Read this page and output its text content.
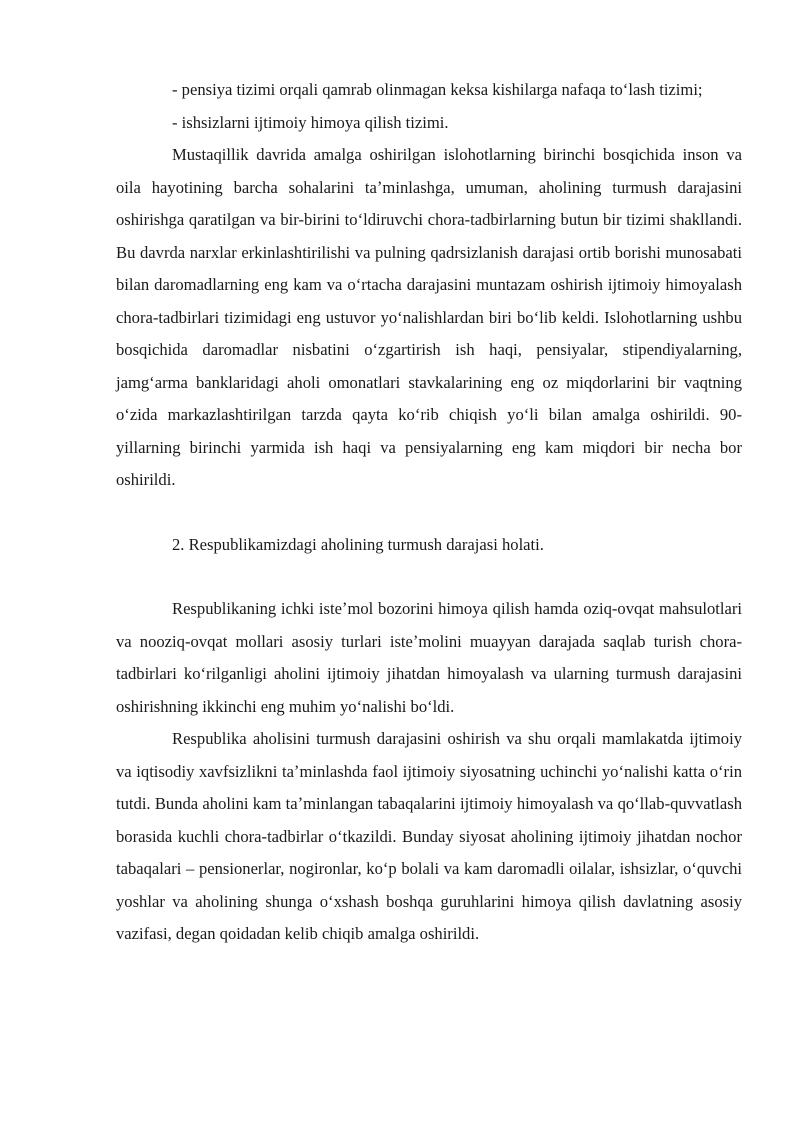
- pensiya tizimi orqali qamrab olinmagan keksa kishilarga nafaqa toʻlash tizimi;

- ishsizlarni ijtimoiy himoya qilish tizimi.

Mustaqillik davrida amalga oshirilgan islohotlarning birinchi bosqichida inson va oila hayotining barcha sohalarini taʼminlashga, umuman, aholining turmush darajasini oshirishga qaratilgan va bir-birini toʻldiruvchi chora-tadbirlarning butun bir tizimi shakllandi. Bu davrda narxlar erkinlashtirilishi va pulning qadrsizlanish darajasi ortib borishi munosabati bilan daromadlarning eng kam va oʻrtacha darajasini muntazam oshirish ijtimoiy himoyalash chora-tadbirlari tizimidagi eng ustuvor yoʻnalishlardan biri boʻlib keldi. Islohotlarning ushbu bosqichida daromadlar nisbatini oʻzgartirish ish haqi, pensiyalar, stipendiyalarning, jamgʻarma banklaridagi aholi omonatlari stavkalarining eng oz miqdorlarini bir vaqtning oʻzida markazlashtirilgan tarzda qayta koʻrib chiqish yoʻli bilan amalga oshirildi. 90-yillarning birinchi yarmida ish haqi va pensiyalarning eng kam miqdori bir necha bor oshirildi.

2. Respublikamizdagi aholining turmush darajasi holati.

Respublikaning ichki isteʼmol bozorini himoya qilish hamda oziq-ovqat mahsulotlari va nooziq-ovqat mollari asosiy turlari isteʼmolini muayyan darajada saqlab turish chora-tadbirlari koʻrilganligi aholini ijtimoiy jihatdan himoyalash va ularning turmush darajasini oshirishning ikkinchi eng muhim yoʻnalishi boʻldi.

Respublika aholisini turmush darajasini oshirish va shu orqali mamlakatda ijtimoiy va iqtisodiy xavfsizlikni taʼminlashda faol ijtimoiy siyosatning uchinchi yoʻnalishi katta oʻrin tutdi. Bunda aholini kam taʼminlangan tabaqalarini ijtimoiy himoyalash va qoʻllab-quvvatlash borasida kuchli chora-tadbirlar oʻtkazildi. Bunday siyosat aholining ijtimoiy jihatdan nochor tabaqalari – pensionerlar, nogironlar, koʻp bolali va kam daromadli oilalar, ishsizlar, oʻquvchi yoshlar va aholining shunga oʻxshash boshqa guruhlarini himoya qilish davlatning asosiy vazifasi, degan qoidadan kelib chiqib amalga oshirildi.
